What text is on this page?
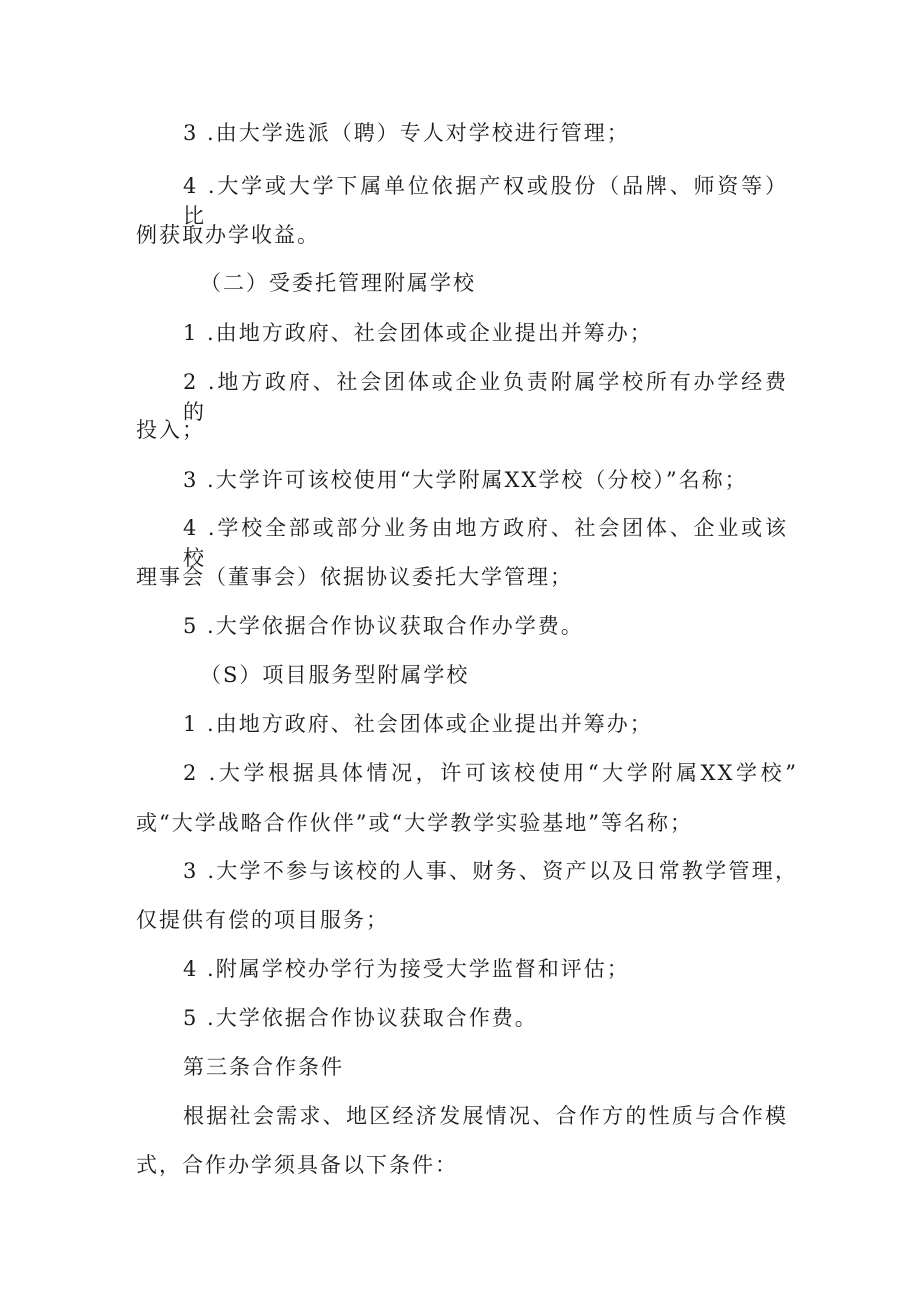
3 .由大学选派（聘）专人对学校进行管理；

4 .大学或大学下属单位依据产权或股份（品牌、师资等）比

例获取办学收益。

（二）受委托管理附属学校

1 .由地方政府、社会团体或企业提出并筹办；

2 .地方政府、社会团体或企业负责附属学校所有办学经费的

投入；

3 .大学许可该校使用“大学附属XX学校（分校）”名称；

4 .学校全部或部分业务由地方政府、社会团体、企业或该校

理事会（董事会）依据协议委托大学管理；

5 .大学依据合作协议获取合作办学费。

（S）项目服务型附属学校

1 .由地方政府、社会团体或企业提出并筹办；

2 .大学根据具体情况，许可该校使用“大学附属XX学校”

或“大学战略合作伙伴”或“大学教学实验基地”等名称；

3 .大学不参与该校的人事、财务、资产以及日常教学管理，

仅提供有偿的项目服务；

4 .附属学校办学行为接受大学监督和评估；

5 .大学依据合作协议获取合作费。

第三条合作条件

根据社会需求、地区经济发展情况、合作方的性质与合作模

式，合作办学须具备以下条件：
